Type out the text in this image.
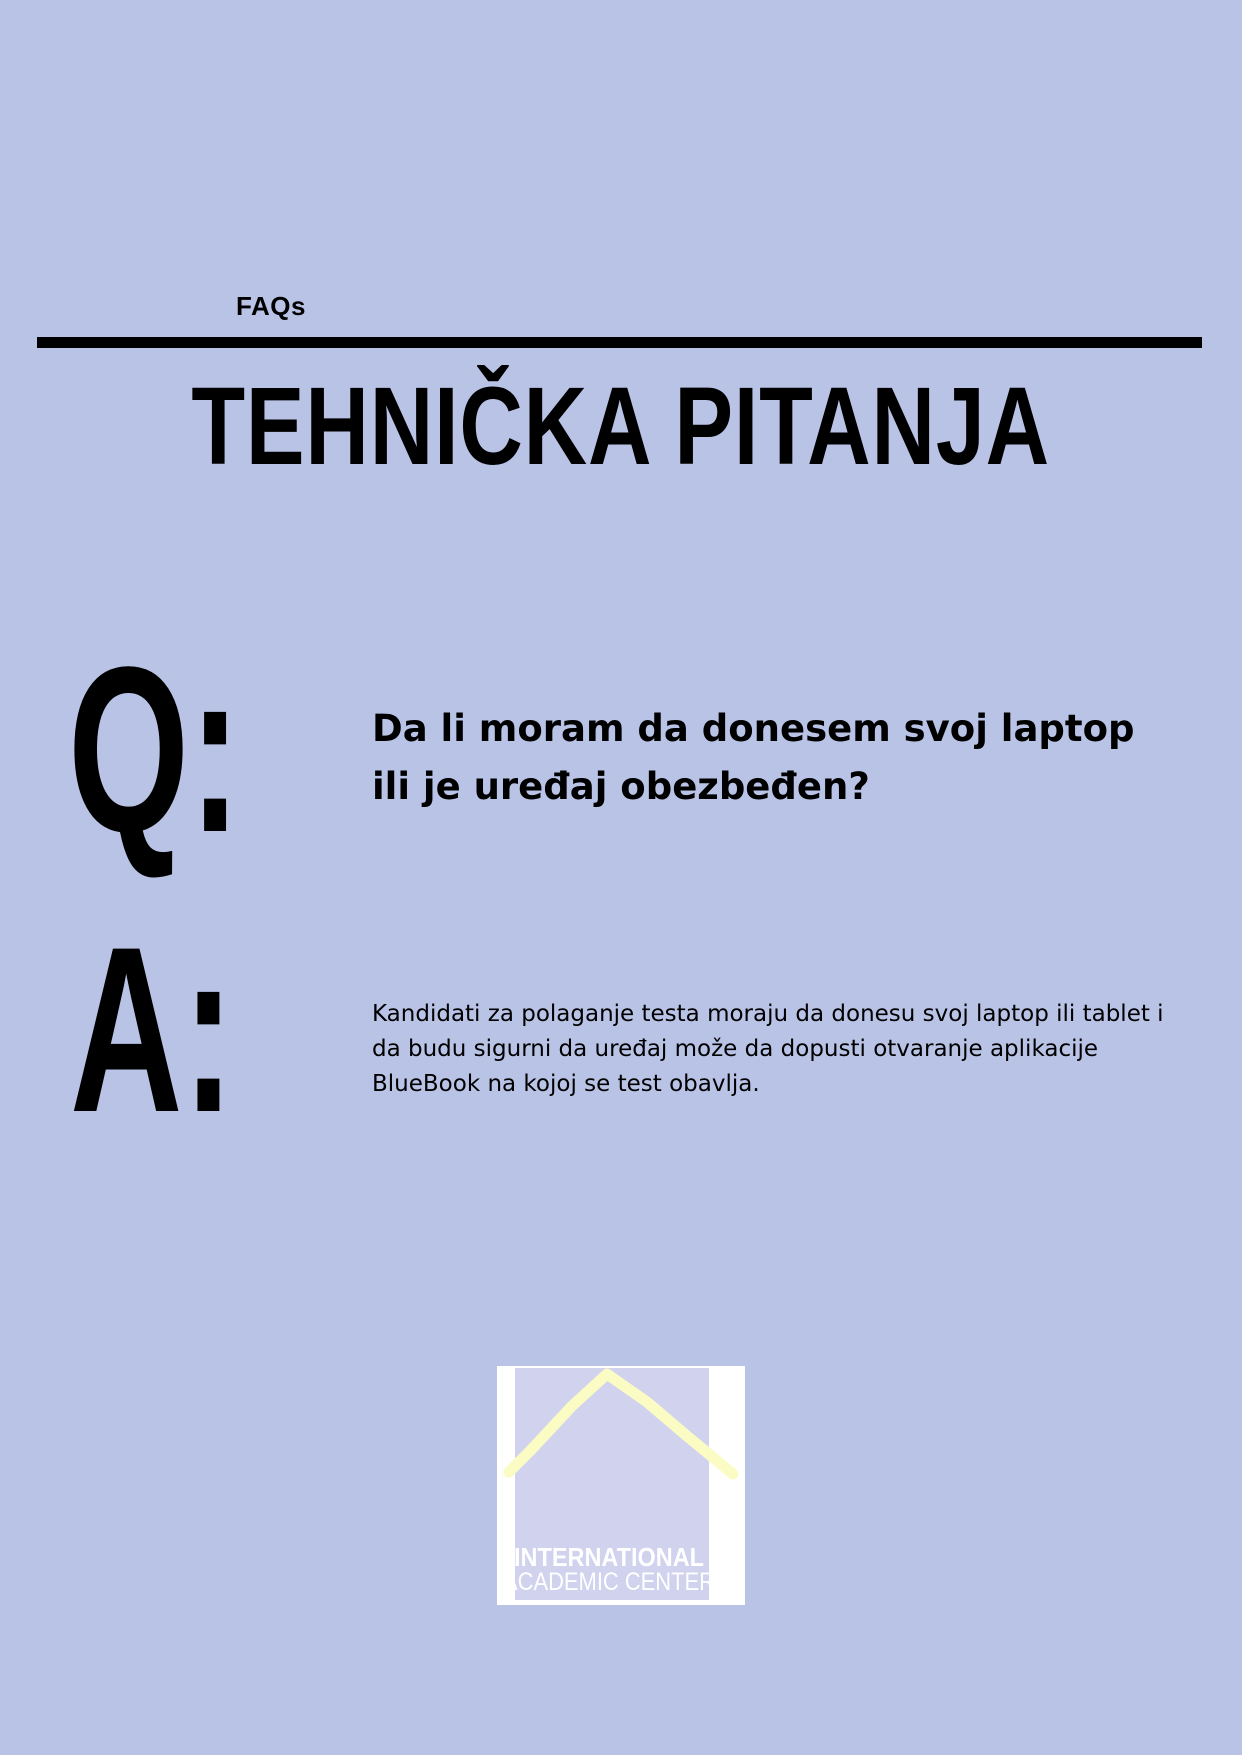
FAQs
TEHNIČKA PITANJA
Q:	Da li moram da donesem svoj laptop ili je uređaj obezbeđen?
A:	Kandidati za polaganje testa moraju da donesu svoj laptop ili tablet i da budu sigurni da uređaj može da dopusti otvaranje aplikacije BlueBook na kojoj se test obavlja.
INTERNATIONAL
ACADEMIC CENTER
